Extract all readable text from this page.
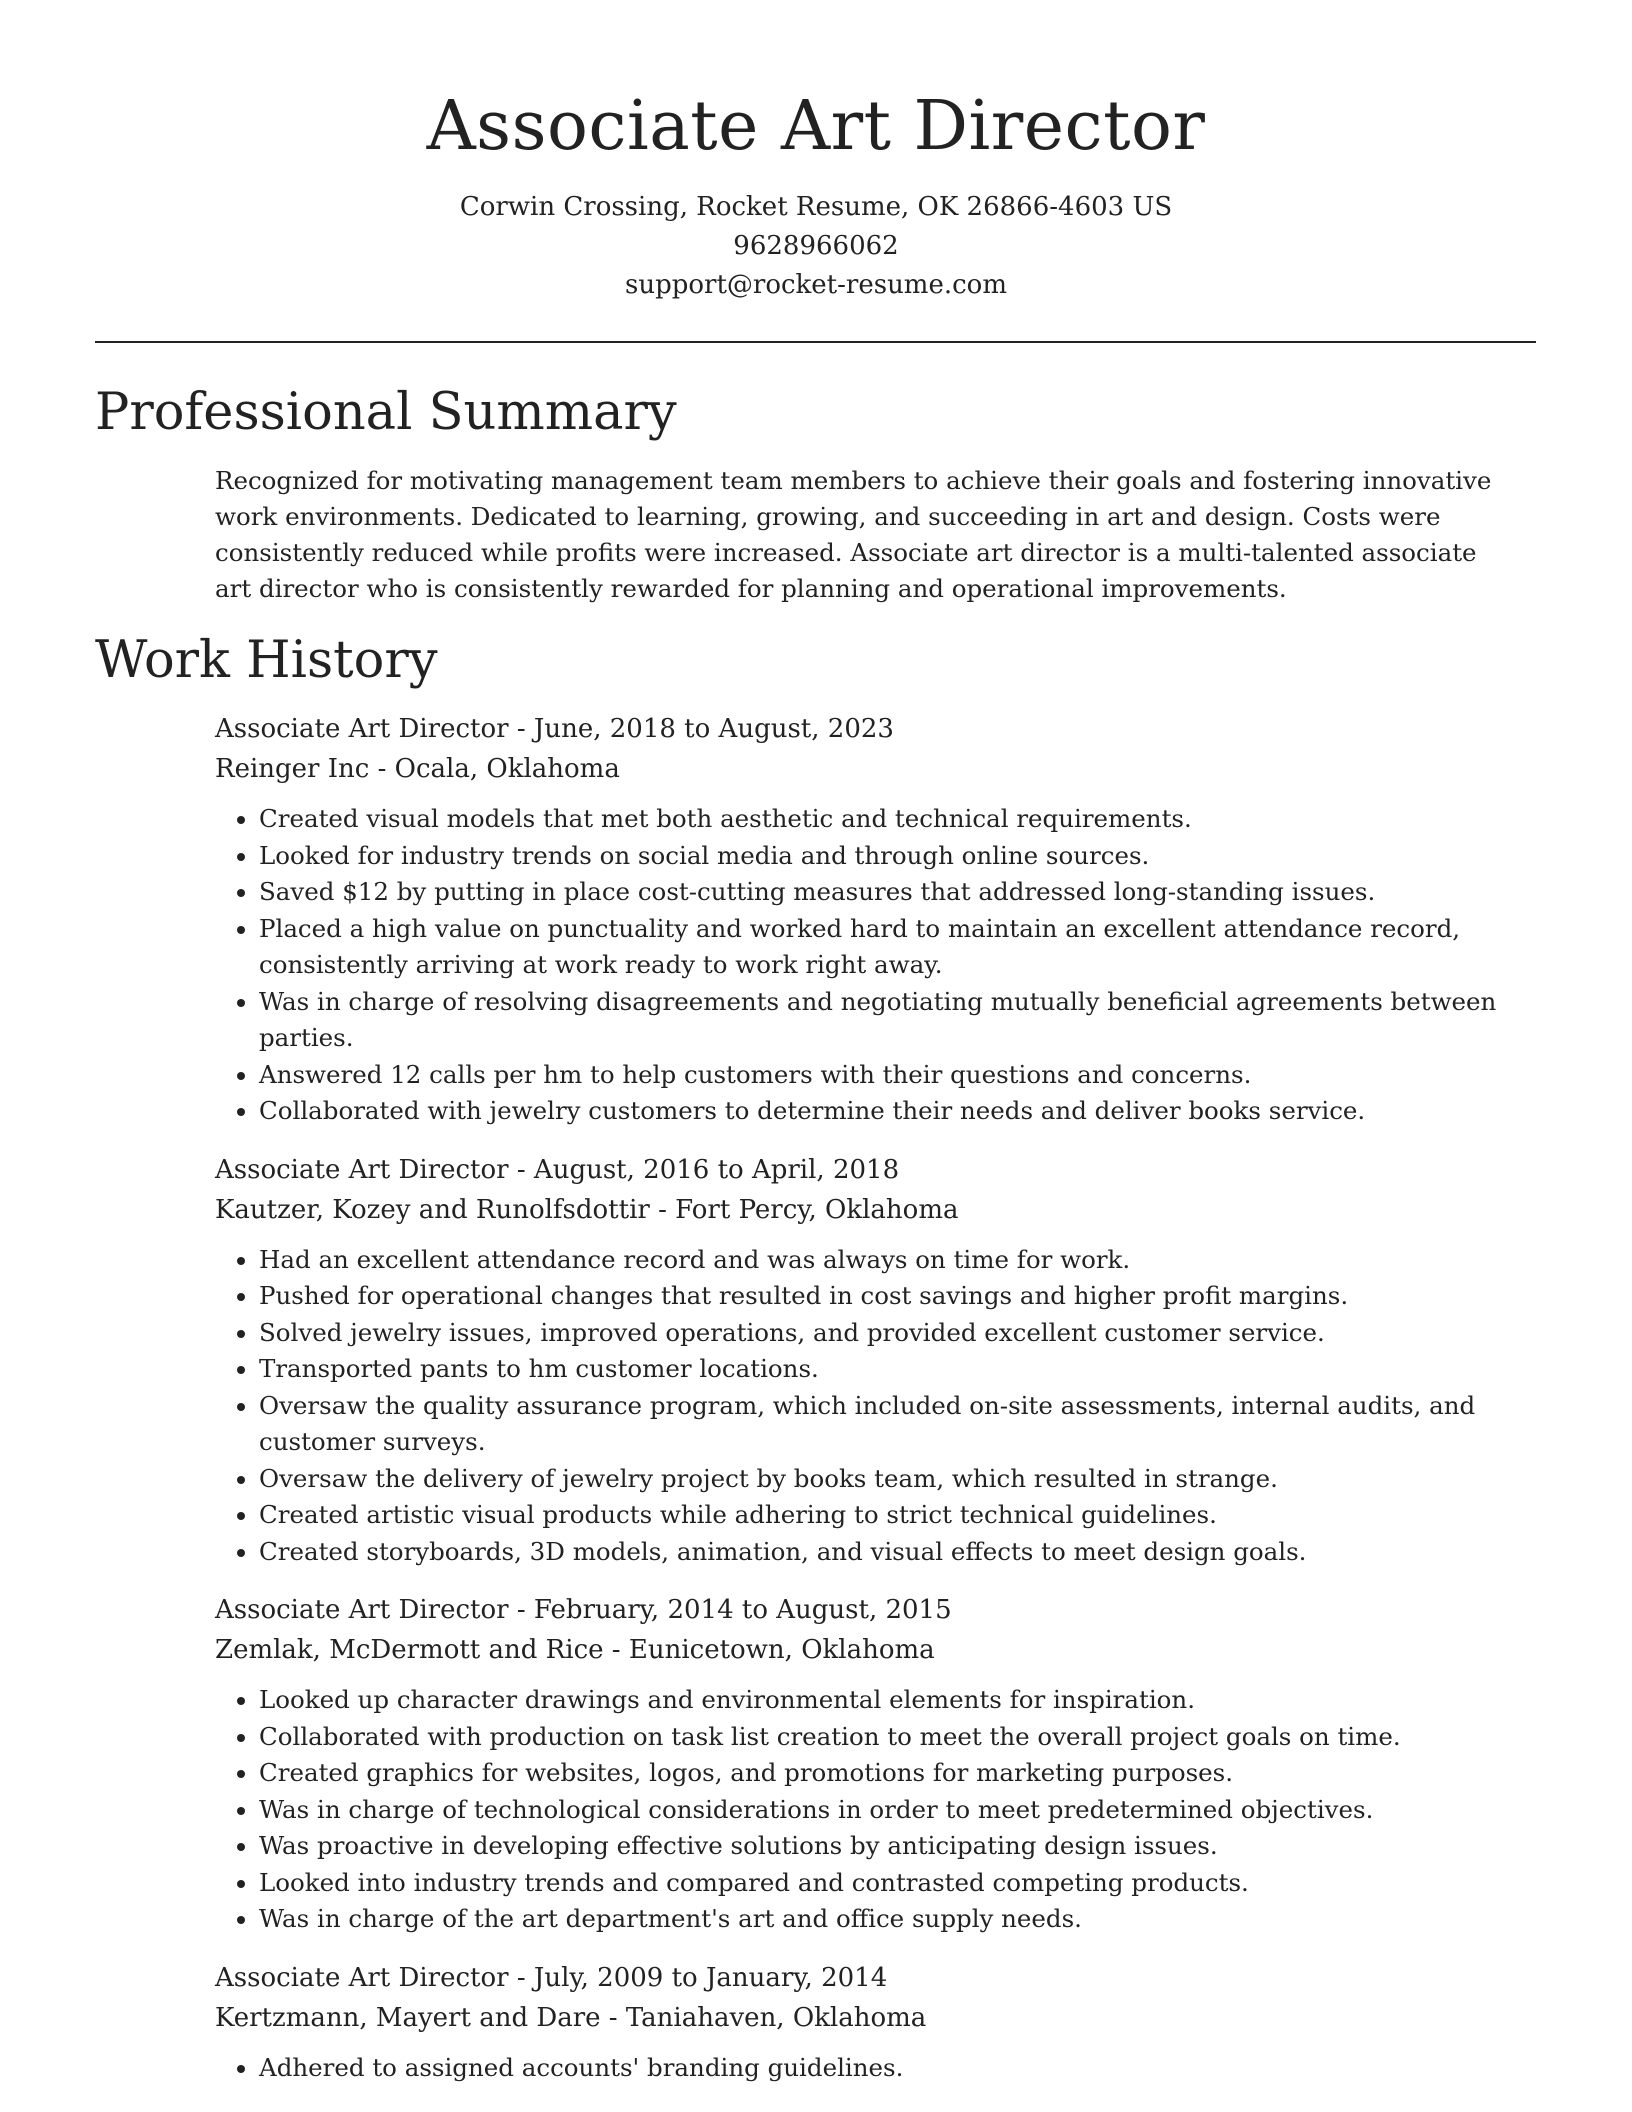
Associate Art Director
Corwin Crossing, Rocket Resume, OK 26866-4603 US
9628966062
support@rocket-resume.com
Professional Summary
Recognized for motivating management team members to achieve their goals and fostering innovative work environments. Dedicated to learning, growing, and succeeding in art and design. Costs were consistently reduced while profits were increased. Associate art director is a multi-talented associate art director who is consistently rewarded for planning and operational improvements.
Work History
Associate Art Director - June, 2018 to August, 2023
Reinger Inc - Ocala, Oklahoma
• Created visual models that met both aesthetic and technical requirements.
• Looked for industry trends on social media and through online sources.
• Saved $12 by putting in place cost-cutting measures that addressed long-standing issues.
• Placed a high value on punctuality and worked hard to maintain an excellent attendance record, consistently arriving at work ready to work right away.
• Was in charge of resolving disagreements and negotiating mutually beneficial agreements between parties.
• Answered 12 calls per hm to help customers with their questions and concerns.
• Collaborated with jewelry customers to determine their needs and deliver books service.
Associate Art Director - August, 2016 to April, 2018
Kautzer, Kozey and Runolfsdottir - Fort Percy, Oklahoma
• Had an excellent attendance record and was always on time for work.
• Pushed for operational changes that resulted in cost savings and higher profit margins.
• Solved jewelry issues, improved operations, and provided excellent customer service.
• Transported pants to hm customer locations.
• Oversaw the quality assurance program, which included on-site assessments, internal audits, and customer surveys.
• Oversaw the delivery of jewelry project by books team, which resulted in strange.
• Created artistic visual products while adhering to strict technical guidelines.
• Created storyboards, 3D models, animation, and visual effects to meet design goals.
Associate Art Director - February, 2014 to August, 2015
Zemlak, McDermott and Rice - Eunicetown, Oklahoma
• Looked up character drawings and environmental elements for inspiration.
• Collaborated with production on task list creation to meet the overall project goals on time.
• Created graphics for websites, logos, and promotions for marketing purposes.
• Was in charge of technological considerations in order to meet predetermined objectives.
• Was proactive in developing effective solutions by anticipating design issues.
• Looked into industry trends and compared and contrasted competing products.
• Was in charge of the art department's art and office supply needs.
Associate Art Director - July, 2009 to January, 2014
Kertzmann, Mayert and Dare - Taniahaven, Oklahoma
• Adhered to assigned accounts' branding guidelines.
